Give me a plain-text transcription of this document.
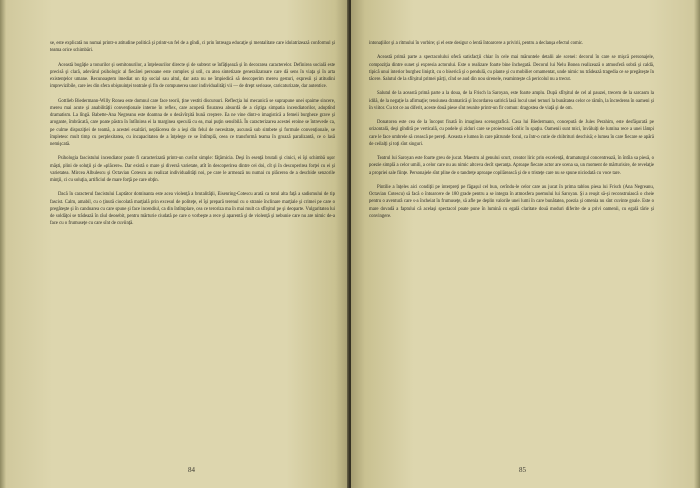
se, este explicată nu numai printr-o atitudine politică şi printr-un fel de a gîndi, ci prin întreaga educaţie şi mentalitate care idolatrizează conformul şi teama orice schimbări.

Această bogăţie a tonurilor şi semitonurilor, a înţelesurilor directe şi de subtext se înfăţişează şi în decorarea caracterelor. Definirea socială este precisă şi clară, adevărul psihologic al fiecărei persoane este complex şi util, cu atea sintetizate generalizatoare care dă sens în viaţa şi în arta existenţelor umane. Recunoaştem imediat un tip social sau altul, dar asta nu ne împiedică să descoperim mereu gesturi, expresii şi atitudini imprevizibile, care ies din sfera obişnuinţei teatrale şi fin de compunerea unor individualităţi vii — de drept serioase, caricaturizate, dar autentice.

Gottlieb Biedermann-Willy Ronea este domnul care face teorii, ţine vestiti discursuri. Reflecţia lui mecanică se suprapune unei spaime sincere, mereu mai acute şi anabilităţii convenţionale interne în reflex, care acoperă fisurarea absurdă de a cîştiga simpatia incendiatorilor, adoptînd dramatism. La lîngă. Babette-Ana Negreanu este doamna de o desăvîrşită bună creştere. Ea ne vine dintr-o imagistică a femeii burgheze grave şi arogante, îmbrăcată, care poate păstra în întîlnirea ei la marginea speculă cu ea, mai puţin sensibilă. În caracterizarea acestei eroine se întrevede ca, pe culme dispoziţiei de teamă, a acestei exaltări, neplăcerea de a ieşi din felul de necesitate, ascunsă sub simbete şi formule convenţionale, se împletesc mult timp cu perplexitatea, cu incapacitatea de a înţelege ce se întîmplă, ceea ce transformă teama în groază paralizantă, ce o lasă nemişcată.

Psihologia fascistului incendiator poate fi caracterizată printr-un cuvînt simple: făţărnicia. Deşi în esenţă brutali şi cinici, ei îşi schimbă uşor măşti, plini de soluţii şi de «plăcere». Dar există o mare şi diversă varietate, atît în descoperirea dintre cei doi, cît şi în descoperirea forţei cu ei şi varietatea. Mircea Albulescu şi Octavian Cotescu au realizat individualităţi noi, pe care le armează nu numai cu plăcerea de a deschide senzorile minţii, ci cu soluţia, artificiul de mare forţă pe care obţin.

Dacă în caracterul fascistului Luptător dominanta este acea violenţă a brutalităţii, Eisenring-Cotescu arată ca totul alta faţă a sadismului de tip fascist. Calm, amabil, cu o ţinută ciocolată marţială prin excesul de politeţe, el îşi prepară terenul cu o stranie înclinare marţiale şi crimei pe care o pregăteşte şi în candoarea cu care spune şi face incendiul, ca din întîmplare, cea ce teroriza ma în mai mult ca sfîrşitul pe şi deoparte. Vulgaritatea lui de soldăţoi se trădează în răul deosebit, pentru mărturie ciudată pe care o vorbeşte a rece şi aparentă şi de violenţă şi nebunie care nu are nimic de-a face cu o frumuseţe cu care sînt de cuviinţă.

84

intonaţiilor şi a ritmului în vorbire; şi el este desigur o lentă întoarcere a privirii, pentru a declanşa efectul comic.

Această primă parte a spectacolului oferă satisfacţii chiar în cele mai măruntele detalii ale scenei: decorul în care se mişcă personajele, compoziţia dintre sunet şi expresia actorului. Este o realizare foarte bine închegată. Decorul lui Nelu Bonea realizează o atmosferă sobră şi caldă, tipică unui interior burghez liniştit, cu o biserică şi o pendulă, cu plante şi cu mobilier ornamentat, unde nimic nu trădează tragedia ce se pregăteşte în tăcere. Salutul de la sfîrşitul primei părţi, cînd se aud din nou sirenele, reaminteşte că pericolul nu a trecut.

Salutul de la această primă parte a la doua, de la Frisch la Saroyan, este foarte amplu. După sfîrşitul de cel al pauzei, trecem de la sarcasm la idilă, de la negaţie la afirmaţie; tensiunea dramatică şi încordarea satirică lasă locul unei ternuri la bunătatea celor ce rămîn, la încrederea în oameni şi în viitor. Cu tot ce au diferit, aceste două piese sînt reunite printr-un fir comun: dragostea de viaţă şi de om.

Donatorea este cea de la încoput fixată în imaginea scenografică. Casa lui Biedermann, concepută de Jules Perahim, este desfăşurată pe orizontală, deşi gîndită pe verticală, cu podele şi ziduri care se proiectează oblic în spaţiu. Oamenii sunt mici, învăluiţi de lumina rece a unei lămpi care le face umbrele să crească pe pereţi. Aceasta e lumea în care pătrunde focul, ca într-o cutie de chibrituri deschisă; e lumea în care fiecare se apără de ceilalţi şi toţi sînt singuri.

Teatrul lui Saroyan este foarte greu de jucat. Maestru al genului scurt, creator liric prin excelenţă, dramaturgul concentrează, în întîia sa piesă, o poezie simplă a celor umili, a celor care nu au nimic altceva decît speranţa. Aproape fiecare actor are scena sa, un moment de mărturisire, de revelaţie a propriei sale fiinţe. Personajele sînt pline de o tandreţe aproape copilărească şi de o tristeţe care nu se spune niciodată cu voce tare.

Pintilie a înţeles aici condiţii pe interpreţi pe făgaşul cel bun, cerîndu-le celor care au jucat în prima tablou piesa lui Frisch (Ana Negreanu, Octavian Cotescu) să facă o întoarcere de 180 grade pentru a se integra în atmosfera poemului lui Saroyan. Şi a reuşit să-şi reconstruiască o cheie pentru o aventură care s-a încheiat în frumuseţe, să afle pe deplin valorile unei lumi în care bunătatea, poezia şi omenia nu sînt cuvinte goale. Este o mare dovadă a faptului că acelaşi spectacol poate pune în lumină cu egală claritate două moduri diferite de a privi oamenii, cu egală tărie şi convingere.

85
